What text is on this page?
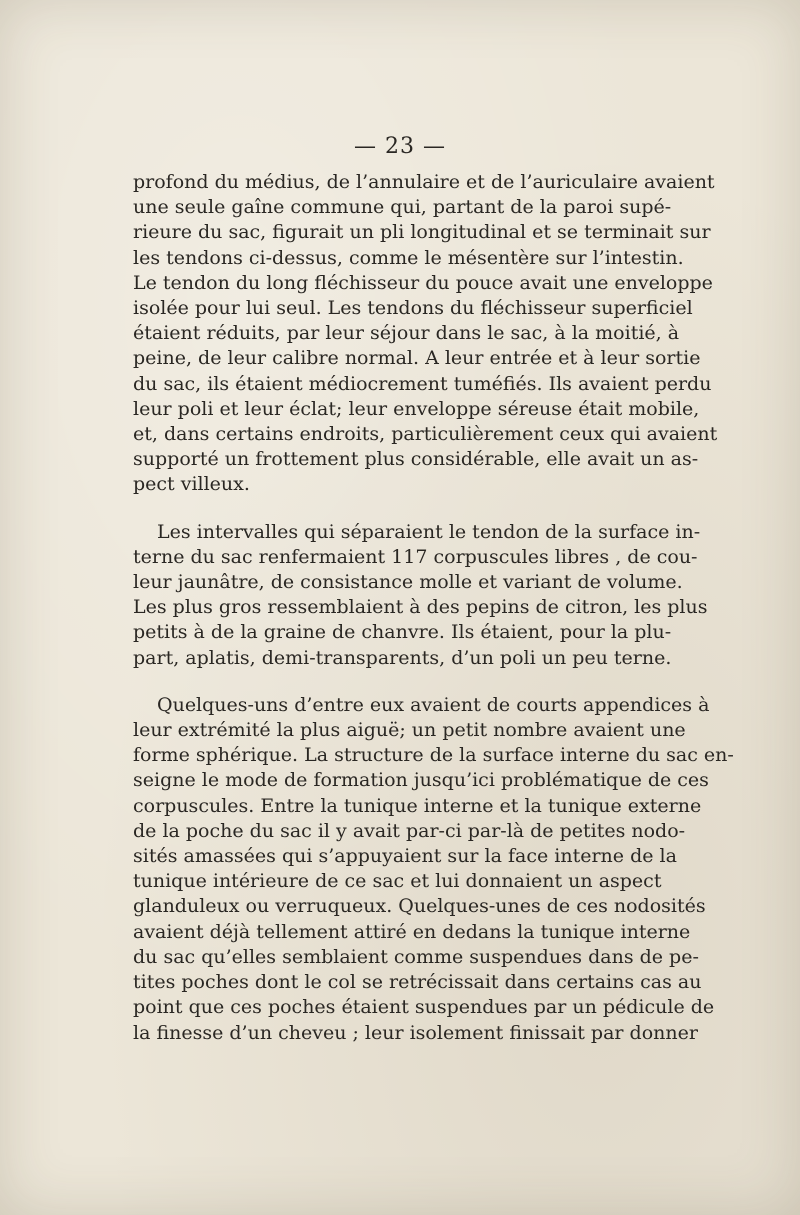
— 23 —

profond du médius, de l’annulaire et de l’auriculaire avaient
une seule gaîne commune qui, partant de la paroi supé-
rieure du sac, figurait un pli longitudinal et se terminait sur
les tendons ci-dessus, comme le mésentère sur l’intestin.
Le tendon du long fléchisseur du pouce avait une enveloppe
isolée pour lui seul. Les tendons du fléchisseur superficiel
étaient réduits, par leur séjour dans le sac, à la moitié, à
peine, de leur calibre normal. A leur entrée et à leur sortie
du sac, ils étaient médiocrement tuméfiés. Ils avaient perdu
leur poli et leur éclat; leur enveloppe séreuse était mobile,
et, dans certains endroits, particulièrement ceux qui avaient
supporté un frottement plus considérable, elle avait un as-
pect villeux.

Les intervalles qui séparaient le tendon de la surface in-
terne du sac renfermaient 117 corpuscules libres , de cou-
leur jaunâtre, de consistance molle et variant de volume.
Les plus gros ressemblaient à des pepins de citron, les plus
petits à de la graine de chanvre. Ils étaient, pour la plu-
part, aplatis, demi-transparents, d’un poli un peu terne.

Quelques-uns d’entre eux avaient de courts appendices à
leur extrémité la plus aiguë; un petit nombre avaient une
forme sphérique. La structure de la surface interne du sac en-
seigne le mode de formation jusqu’ici problématique de ces
corpuscules. Entre la tunique interne et la tunique externe
de la poche du sac il y avait par-ci par-là de petites nodo-
sités amassées qui s’appuyaient sur la face interne de la
tunique intérieure de ce sac et lui donnaient un aspect
glanduleux ou verruqueux. Quelques-unes de ces nodosités
avaient déjà tellement attiré en dedans la tunique interne
du sac qu’elles semblaient comme suspendues dans de pe-
tites poches dont le col se retrécissait dans certains cas au
point que ces poches étaient suspendues par un pédicule de
la finesse d’un cheveu ; leur isolement finissait par donner
